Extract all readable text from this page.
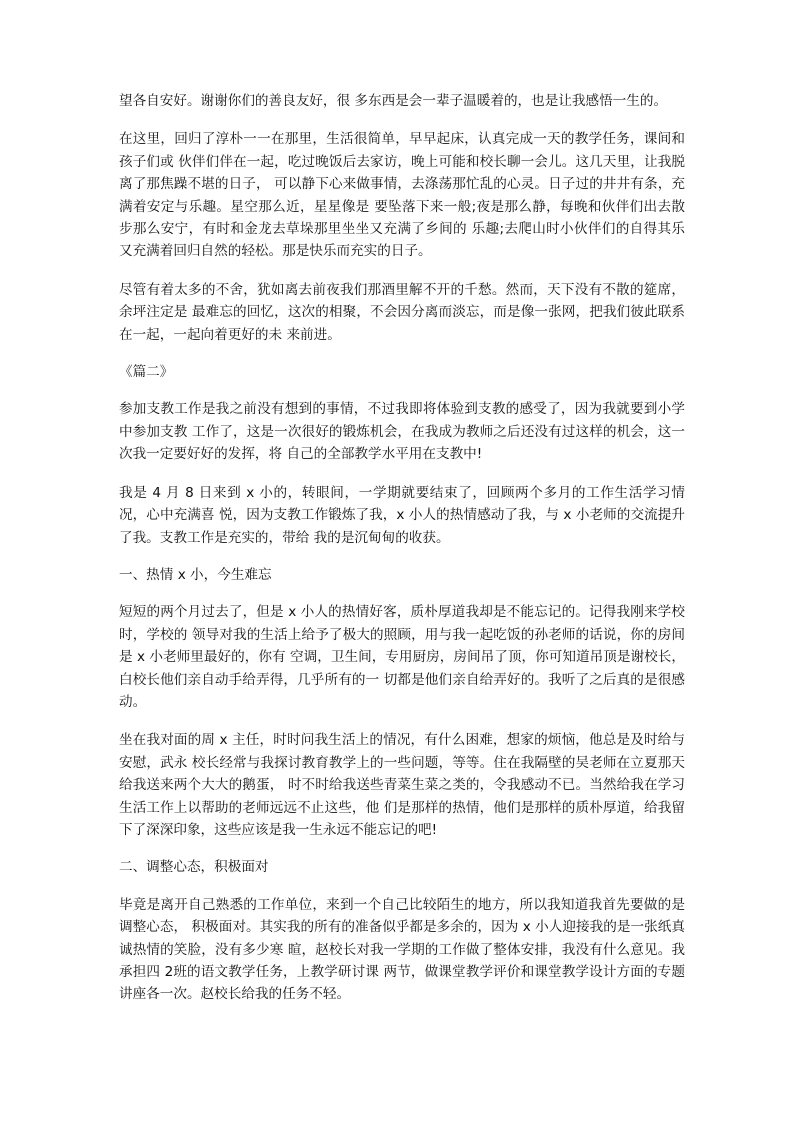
望各自安好。谢谢你们的善良友好，很 多东西是会一辈子温暖着的，也是让我感悟一生的。

在这里，回归了淳朴一一在那里，生活很简单，早早起床，认真完成一天的教学任务，课间和孩子们或 伙伴们伴在一起，吃过晚饭后去家访，晚上可能和校长聊一会儿。这几天里，让我脱离了那焦躁不堪的日子， 可以静下心来做事情，去涤荡那忙乱的心灵。日子过的井井有条，充满着安定与乐趣。星空那么近，星星像是 要坠落下来一般;夜是那么静，每晚和伙伴们出去散步那么安宁，有时和金龙去草垛那里坐坐又充满了乡间的 乐趣;去爬山时小伙伴们的自得其乐又充满着回归自然的轻松。那是快乐而充实的日子。

尽管有着太多的不舍，犹如离去前夜我们那酒里解不开的千愁。然而，天下没有不散的筵席，余坪注定是 最难忘的回忆，这次的相聚，不会因分离而淡忘，而是像一张网，把我们彼此联系在一起，一起向着更好的未 来前进。

《篇二》

参加支教工作是我之前没有想到的事情，不过我即将体验到支教的感受了，因为我就要到小学中参加支教 工作了，这是一次很好的锻炼机会，在我成为教师之后还没有过这样的机会，这一次我一定要好好的发挥，将 自己的全部教学水平用在支教中!

我是 4 月 8 日来到 x 小的，转眼间，一学期就要结束了，回顾两个多月的工作生活学习情况，心中充满喜 悦，因为支教工作锻炼了我，x 小人的热情感动了我，与 x 小老师的交流提升了我。支教工作是充实的，带给 我的是沉甸甸的收获。

一、热情 x 小，今生难忘

短短的两个月过去了，但是 x 小人的热情好客，质朴厚道我却是不能忘记的。记得我刚来学校时，学校的 领导对我的生活上给予了极大的照顾，用与我一起吃饭的孙老师的话说，你的房间是 x 小老师里最好的，你有 空调，卫生间，专用厨房，房间吊了顶，你可知道吊顶是谢校长，白校长他们亲自动手给弄得，几乎所有的一 切都是他们亲自给弄好的。我听了之后真的是很感动。

坐在我对面的周 x 主任，时时问我生活上的情况，有什么困难，想家的烦恼，他总是及时给与安慰，武永 校长经常与我探讨教育教学上的一些问题，等等。住在我隔壁的吴老师在立夏那天给我送来两个大大的鹅蛋， 时不时给我送些青菜生菜之类的，令我感动不已。当然给我在学习生活工作上以帮助的老师远远不止这些，他 们是那样的热情，他们是那样的质朴厚道，给我留下了深深印象，这些应该是我一生永远不能忘记的吧!

二、调整心态，积极面对

毕竟是离开自己熟悉的工作单位，来到一个自己比较陌生的地方，所以我知道我首先要做的是调整心态， 积极面对。其实我的所有的准备似乎都是多余的，因为 x 小人迎接我的是一张纸真诚热情的笑脸，没有多少寒 暄，赵校长对我一学期的工作做了整体安排，我没有什么意见。我承担四 2班的语文教学任务，上教学研讨课 两节，做课堂教学评价和课堂教学设计方面的专题讲座各一次。赵校长给我的任务不轻。
